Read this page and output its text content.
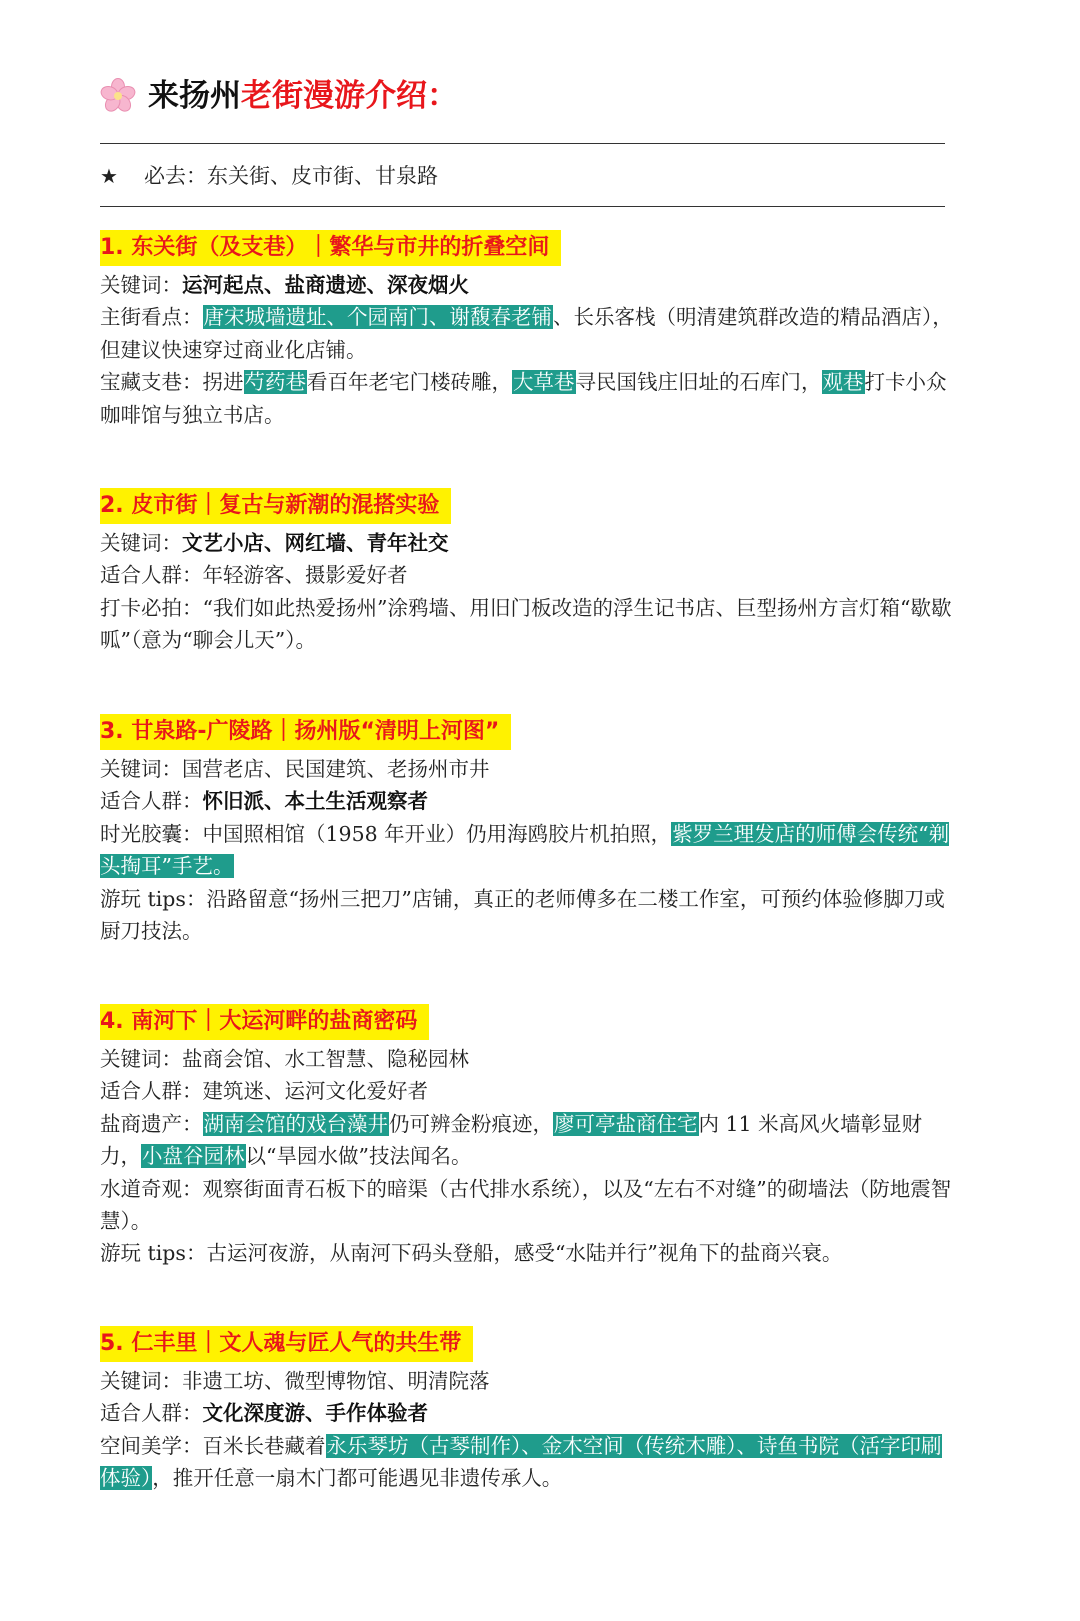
来扬州老街漫游介绍：
★	必去：东关街、皮市街、甘泉路
1. 东关街（及支巷）｜繁华与市井的折叠空间
关键词：运河起点、盐商遗迹、深夜烟火
主街看点：唐宋城墙遗址、个园南门、谢馥春老铺、长乐客栈（明清建筑群改造的精品酒店），但建议快速穿过商业化店铺。
宝藏支巷：拐进芍药巷看百年老宅门楼砖雕，大草巷寻民国钱庄旧址的石库门，观巷打卡小众咖啡馆与独立书店。
2. 皮市街｜复古与新潮的混搭实验
关键词：文艺小店、网红墙、青年社交
适合人群：年轻游客、摄影爱好者
打卡必拍：“我们如此热爱扬州”涂鸦墙、用旧门板改造的浮生记书店、巨型扬州方言灯箱“歇歇呱”（意为“聊会儿天”）。
3. 甘泉路-广陵路｜扬州版“清明上河图”
关键词：国营老店、民国建筑、老扬州市井
适合人群：怀旧派、本土生活观察者
时光胶囊：中国照相馆（1958 年开业）仍用海鸥胶片机拍照，紫罗兰理发店的师傅会传统“剃头掏耳”手艺。
游玩 tips：沿路留意“扬州三把刀”店铺，真正的老师傅多在二楼工作室，可预约体验修脚刀或厨刀技法。
4. 南河下｜大运河畔的盐商密码
关键词：盐商会馆、水工智慧、隐秘园林
适合人群：建筑迷、运河文化爱好者
盐商遗产：湖南会馆的戏台藻井仍可辨金粉痕迹，廖可亭盐商住宅内 11 米高风火墙彰显财力，小盘谷园林以“旱园水做”技法闻名。
水道奇观：观察街面青石板下的暗渠（古代排水系统），以及“左右不对缝”的砌墙法（防地震智慧）。
游玩 tips：古运河夜游，从南河下码头登船，感受“水陆并行”视角下的盐商兴衰。
5. 仁丰里｜文人魂与匠人气的共生带
关键词：非遗工坊、微型博物馆、明清院落
适合人群：文化深度游、手作体验者
空间美学：百米长巷藏着永乐琴坊（古琴制作）、金木空间（传统木雕）、诗鱼书院（活字印刷体验），推开任意一扇木门都可能遇见非遗传承人。
